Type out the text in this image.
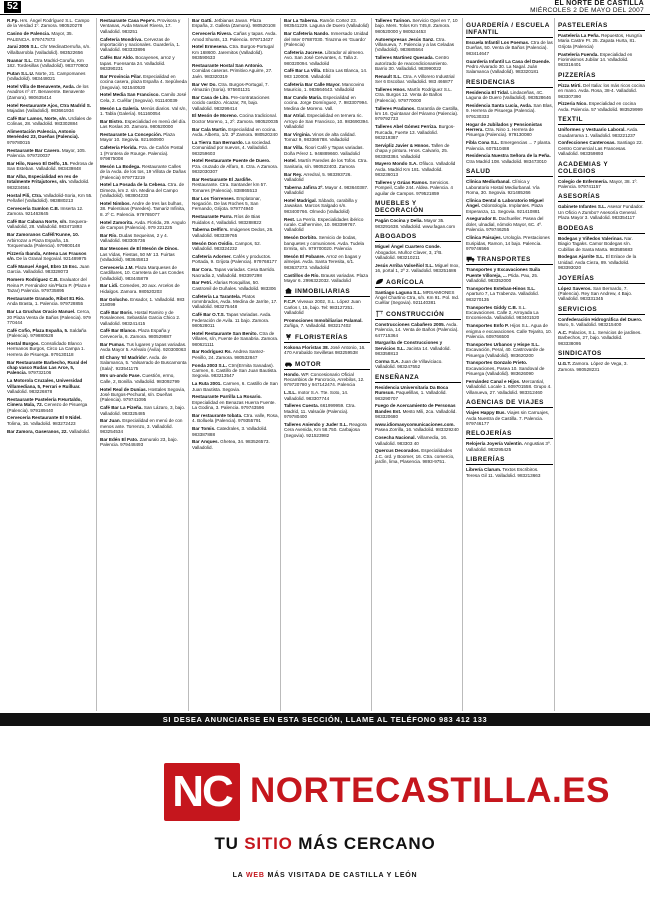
52	EL NORTE DE CASTILLA
MIÉRCOLES 2 DE MAYO DEL 2007
R.Pp. Hrs. Ángel Rodríguez S.L. Campo de la Verdad 1º. Zamora. 980520278
Casino de Palencia. Mayor, 35. PALENCIA. 979747873
Jarai 2005 S.L. Chr MedinaDerruña, s/n. Villalbarrobla (Valladolid). 983522656
Nuanar S.L. Ctra Madrid-Coruña, Km 182. Tordesillas (Valladolid). 983770902
Putan S.L.U. Norte, 21. Campomanes (Valladolid). 983448021
Hotel Villa de Benavente, Avda. de los Avadros nº 47. Benavente. Benavente (Zamora). 980635414
Hotel Restaurante Ajos, Ctra Madrid S. Majadas (Valladolid). 983661934
Café Bar Lamos, Norte, s/n. Urdiales de Colinas, 28. Valladolid. 983302884
Alimentación Palencia, Antonio Menéndez 23, Dueñas (Palencia). 979780015
Restaurante Bar Cavero. Mayor, 105. Palencia. 979720037
Bar Hilo, Nuevo El Delfo, 15. Pedrosa de San Esteban. Valladolid. 983439848
Bar Alba, Especialidad en rex de totalmente Fritajutores, s/n. Valladolid. 983234561
Hostal Pili, Ctra. Valladolid-Soria, Km 55. Peñafiel (Valladolid). 983880213
Cervecería Sumlon C.B. Imserta 12. Zamora. 921463645
Café Bar Cabana Norte, s/n. Sequera-Valladolid, 28. Valladolid. 983471893
Bar Zamoranos Caféß'Kunne, 10. Arbirrozar a Plaza España, 15. Torquemada (Palencia). 979800148
Pizzería Ibanda, Antena Las Frausos s/n. De la Granal Segovial. 921489975
Café Manuel Ángel, Ebro 15 Esc. Juan Garcia. Valladolid. 983328073
Romero Rodriguez C.B. Evaluator del Reina P. Fernández sin/Plaza P. (Plaza e Tazar) Palencia. 979735895
Restaurante Granado, Ribot 81 Rio. Anda Brasta, 1. Palencia. 979728855
Bar La Gruchas Oracio Manuel. Cerca, 20 Plaza Venta de Baños (Palencia). 979 770444
Café Cofio, Plaza España, 5. Saldaña (Palencia). 979880528
Hostal Burgos. Consolidado Blanco Hermanos Burgos, Circo La Campa 1. Herrera de Pisuerga. 979130118
Bar Restaurante Barbecho, Rural del chap vasco Rudas Las Arce, 5, Palencia. 979732106
La Motorola Cruzales, Universidad Villamediana, 5, Ferrari e Ruílluar. Valladolid. 983226878
Restaurante Pastelería P.Hurtaldo, Cimera Mala, 72. Cervezo de Pisuerga (Palencia). 979189440
Cervecería Restaurante El 9 Nidel. Tolima, 16. Valladolid. 983272423
Bar Zamora, Gaseranos, 22. Valladolid.
Restaurante Casa Pepe's. Provisora y Ventanas, Avda Manuel Rivera, 17. Valladolid. 983251
Cafetería Mondriva. Cervezas de importación y nacionales. Guardería, 1. Valladolid. 983333896
Cafés Bar Aldo. Bocayenes, arroz y tapas. Fuensanta 24. Valladolid. 983390231
Bar Provincia Pilar. Especialidad en cocina casera, plaza España 4. Sepúlveda (Segovia). 921540520
Hotel Media San Francisco. Camilo José Cela, 2. Cuéllar (Segovia). 911140039
Mesón La Galería. Menús diarios. Val s/n, 1. Tabla (Galería). 911160054
Bar Bistro. Especialidad en menú del día. Las Roslas 20. Zamora. 980520000
Restaurante La Concepción. Plaza Mayor 10. Segovia. 921460900
Cafetería Florida. Pza. de Cañón Postal 1 (Frontera de Rourge. Palencia). 979875008
Mesón La Bodega. Restaurante Calles de la Avda. de los tos, 19 Villota de Dañas (Palencia) 979773219
Hotel La Posada de la Cebesa. Ctra. de Dimeza, km 2. s/n. Medina del Campo (Valladolid). 983804233
Hotel Nimbos. Andre de tres las bulhas, 38. Palentinas (Paredes). Tamariz Infinita, 8. 2º C. Palencia. 979765077
Hotel Zamorita. Avda. Florida, 29. Angulo de Campos (Palencia). 979 221225
Bar Río. Dudas Sequeiras, 2 y 4. Valladolid. 983305736
Bar Mesones de El Mesón de Dinos. Las Vidas, Fiestas, 50 Mr 13. Fuirtas (Valladolid). 983645813
Cervecería J.M. Plaza Marqueses de Cardillares, 10. Carretera de Las Condes (Valladolid). 983445879
Bar Lidi. Comedes, 20 aux. Arcelos de Hidalgos. Zamora. 980520203
Bar Golucho. Ensador, 1. Valladolid. 983 218099
Café Bar Boris. Hostal Ramiro y de Rosaleones. Sebastián Garcia Chico 2. Valladolid. 983241415
Café Bar Blanco. Plaza España y Cervecería, 6. Zamora. 980529887
Bar Pumas. Tus lugares y tapas variadas. Avda Mayor 5. Arévalo (Ávila). 920300063
El Chany 'El Madrido'. Avda. de Salamanca, 5. 'Valsarrado de Buscamonta (Sala)'. 923541175
Mrs un-ando Pase. Cuestión, ermo, Calle, 2, Bonilla. Valladolid. 983092799
Hotel Real de Dunias. Hostales Segovia, José Burgos-Pechural, s/n. Dueñas (Palencia). 979741095
Café Bar La Pizeña. San Lázaro, 3, bajo. Valladolid. 983325485
Bar Juan. Especialidad en menú de con menos ante. Torrenzo, 3. Valladolid. 983254534
Bar Edén El Pato. Zamuralo 23, bajo. Palencia. 979448493
Bar Gatti. Jetbianas Javan. Plaza España, 2. Galleta (Zamora). 980520108
Cervecería Rivera. Cañas y tapas. Avda. Amod Shunts, 13. Palencia. 979713427
Hotel Ermesena. Ctra. Burgos-Portugal Km 168600. Jaremitos (Valladolid). 983590633
Restaurante Hostal San Antonio. Comidas caseras. Primitivo Aguirre, 27. Jaén. 983320319
Bar Ver Do. Ctra. Burgos-Portugal, 7. Almazán (Soria). 975601131
Bar Casa de Lito. Pre-contrataciones cocido castizo. Alcazar, 78, bajo. Valladolid. 983299414
El Mesón de Moreno. Cocina tradicional. Doctor Moreno, 1, 2º. Zamora. 980520035
Bar Cala Martin. Especialidad en cocina. Avda. Alberto, 1/2. 3ª Zamora. 980520240
La Tierra San Bernardo. La sociedad. Comunidad por nuevos, 4. Valladolid. 983259603
Hotel Restaurante Puente de Duero. Pza. cruzado de Alfaro, 8. Ctra. A Zamora. 9832030307
Bar Restaurante El Jardiñe. Restaurante. Ctra. Santander km 57. Tomares (Palencia). 838865513
Bar Los Tiorrenses. Emplatonar, Negación. De las Roches 5, San Fernando, Grijota. 979774940
Restaurante Parra. Ríos de Bias Ruidalos 4, Valladolid. 983288822
Taberna Delfín's. Imágenes Dedos, 26. Valladolid. 983339765
Mesón Don Ovidio. Campos, 52. Valladolid. 983324232
Cafetería Adorner. Cafés y productos. Portada, 9. Grijota (Palencia). 979768177
Bar Cora. Tapas variadas. Cesa Barrido. Nacradia 2, Valladolid. 983397298
Bar Petri. Afarias Rosquillas, 50. Castromil de Duñales. Valladolid. 983306
Cafetería La Tarantela. Platos rommbrados, Avda. Medina de Jarrite, 17. Valladolid. 983275448
Café Bar O.T.S. Tapas Variadas. Avda. Federación de Avila. 11 bajo. Zamora. 980528011
Hotel Restaurante San Benito. Ctra de Villares, s/n, Fuente de Sanabria. Zamora. 980621111
Bar Rodríguez Rs. Andrea Santez-Penillo, 24. Zamora. 980532847
Fonda 2003 S.L. Ctrn(Ermita Sanadas). Carmen, 6. Castillo de San Juan Bautista. Segovia. 983213547
La Ruta 2001. Carmen, 6. Castillo de San Juan Bautista. Segovia.
Restaurante Parrilla La Rosario. Especialidad en Benazas Huerra Fuente. La Godina, 3. Palencia. 979743596
Bar restaurante tobata. Ctra. valle, Rosa, 4. Bolluela (Palencia). 979355791
Bar Tomis. Catedrales, 3. Valladolid. 983387888
Bar Anques. Ghetea, 34. 983526573. Valladolid.
Bar La Taberna. Ramón Cortez 23. 983541229. Laguna de Duero (Valladolid)
Bar Cafetería Nando. Inmersado Unidad del Inter 07887030. Tirazma es 'Guardo' (Palencia)
Cafetería Jucrese. Librador al almeno. Avo. San José Cervantes, 4. Talla 2. 980320094. Valladolid
Café Bar La Villa. Ebiza Las Blanca, 14. 983 120008. Valladolid
Cafetería Bar Calle Mayor. Mancovino Mauricio, 1. 983664643. Valladolid
Bar Cundo María. Especialidad en cocina. Jorge Domínguez, 7. 983307994. Medina de Moreno. Vall.
Bar Atrial. Especialidad en ternera ric. Arroyo de San Francisco, 10. 983690394. Valladolid
Bar Virginia. Vinos de alta calidad. Tomaz 9, 983366788. Valladolid
Bar Villa. Ñoori Café y Tapas variadas. Doña Pérez 1. 946889660. Valladolid
Hotel. Martín Paredes de los Tofos. Ctra. Sanitaria, s/n. 980522403. Zamora
Bar Rey. Arredral, 5. 983393726. Valladolid
Taberna Jafirra 2º. Mayor 4. 983640387. Valladolid
Hotel Madrigal. Sábado, carabilla y Jawakan. Marcos Salgado s/n. 983400766. Olmedo (Valladolid)
Rest. La Perrio. Especialidades ibérico rurale. Calhermine, 10. 983399767. Valladolid
Mesón Dorbito. Servicio de bodas, banquetes y comuniones. Avda. Tudela Ermita, s/n. 979700020. Palencia
Mesón El Pobanre. Arroz en bagas y almejas. Avda. Santa Teresita, s/1. 983637273. Valladolid
Castillos de Río. Brauss variadas. Plaza Mayor 6. 2996322032. Valladolid
INMOBILIARIAS
F.C.P. Viveaux 2002, S.L. López Juan Carlos I, 15, bajo. Tel: 983127251. Valladolid
Promociones Inmobiliarias Palamal. Zuñiga, 7. Valladolid. 983217402
FLORISTERÍAS
Kokona Floristas 38. José Antonio, 16. 470 Arrabaldo Sevilletas 983259538
MOTOR
Hondo. WP. Concesionario Oficial Recambios de Pancrocio, Arrebilos, 12. 979720780 y 947142474. Palencia
L.S.L. motor S.A. Tte. Soto, 14. Valladolid. 983307744
Talleres Cuesta. 661999959. Ctra. Madrid, 11. Valsaúle (Palencia). 979780400
Talleres Aniendo y Juder S.L. Reagora Cera Avenida, Km 58.750. Carbajosa (Segovia). 921523982
Talleres Tarinon. Servicio Opel en 7, 10 bajo. Mers. Tolos Km 745,8. Zamora. 980520000 y 980524453
Autoempresas Jesús Sanz. Ctra. Villanueva, 7. Palencia y a las Celadas (Valladolid). 983685564
Talleres Martinez Quesada. Centro autorizado de reacondicionamiento. Barrio 30. Valladolid. 983990022
Renault S.L. Ctra. A Villorero Industrial Ser 6 Escobar. Valladolid. 983 466877
Talleres Hnos. Martín Rodriguez S.L. Ctra. Burgos 12. Venta de Baños (Palencia). 979770000
Talleres Pradanos. Garantía de Castilla, km 16. Quintanar del Páramo (Palencia). 979792733
Talleres Abel Gómez Ferriza. Burgos-Rurcada, Fuerte 13. Valladolid. 983219387
Servipliz Javier & Hnnos. Tallen de chapa y pintura. Hnos. Calvario, 25. 983383384. Valladolid
Mayero Mondo S.A. Ofiluco. Valladolid Avda. Madrid Km 181. Valladolid. 983236013
Talleres y Grúas Ramos. Servicios. Pompeil, Calle 244. Aldea. Palencia. 4 aguilar de Campos. 979521859
MUEBLES Y DECORACIÓN
Pagán Cocina y Delia. Mayor 35. 983291638. Valladolid. www.fagan.com
ABOGADOS
Miguel Ángel Cuartero Conde. Abogados. Muñoz Claver, 3, 1ºB. Valladolid. 983210211
Jesús Arriba Valseñiol S.L. Miguel Inox, 16, portal 1, 2º 2. Valladolid. 983251686
AGRÍCOLA
Santiago Laguna S.L. MRSAMIONES Ángel Chartino Ctra, s/n. Km 91. Pol. Ind. Cuéllar (Segovia). 921140381
CONSTRUCCIÓN
Construcciones Cabañero 2005. Avda. Palencia, 14. Venta de Baños (Palencia). 647715364
Margarita de Construcciones y Servicios S.L. Jacinta 14. Valladolid. 983358813
Corma S.A. Juan de Villaviciaco. Valladolid. 983247552
ENSEÑANZA
Residencia Universitaria Da Boca Rumsun. Paquelillas, 1. Valladolid. 983290707
Fuego de Acercamiento de Personas Bandes Est. Mesto Mili, 2ca. Valladolid. 983320680
www.idiomasycomunicaciones.com. Pasea Zorrilla, 16. Valladolid. 983329240
Cosecha Nacional. Villamedia, 16. Valladolid. 983303 40
Quercus Decorados. Especialidades J.C. ord. y Boomer, 16. Ctra. comercio, jardín, lima, Plasencia. 9893-9751.
GUARDERÍA / ESCUELA INFANTIL
Escuela Infantil Los Poemas. Ctra de las Dueñas, 50. Venta de Baños (Palencia). 983414647
Guardería Infantil La Casa del Duende. Pedro Alvarado 30. La Nagal. Juán Salamanca (Valladolid). 983320181
RESIDENCIAS
Residencia El Tidal. Lindaceñas, 4C. Laguna de Duero (Valladolid). 983528646
Residencia Santa Lucía, Avda. San Blas, 9. Herrera de Pisuerga (Palencia). 979130333
Hogar de Jubilados y Pensionistas Herrera. Ctra. Nino 1. Herrera de Pisuerga (Palencia). 979130080
Fibla Cona S.L. Emergencias ... 7 planta. Palencia. 607510488
Residencia Nuestra Señora de la Peña. Ctra Madrid 108. Valladolid. 983473010
SALUD
Clínica Mediurbanal. Clínica y Laboratorio Hostal Mediurbanal. Vía Roma, 30. Segovia. 921485266
Clínica Dental & Laboratorio Miguel Ángel. Odontología. Implantes. Plaza Esperanza, 11. Segovia. 921410881
Asegurador E. Dachueller. Pasea del doler, ulnadial, nómolo Mayor, 6C. 4º. Palencia. 979746255
Clínica Paisajes. Urología. Prestaciones Euripidas, Ramon, 14 bajo. Palencia. 979746566
TRANSPORTES
Transportes y Excavaciones Suila Puente Villoreja, ... Ptida. Pau, 25. Valladolid. 983352000
Transportes Esteban-Hinos S.L. Aparturo 7, La Trabenza. Valladolid. 983270135
Transportes Giddy C.B. S.L. Excavaciones. Calle 2, Arroyada La Encomienda. Valladolid. 983401520
Transportes Enfo P. Hijos S.L. Agua de enigma e excavaciones. Calle Tejarito, 10. Palencia. 609766500
Transportes Urbanos y Hispe S.L. Excavación, Peral, 40. Castrovarde de Pisuerga (Valladolid). 983620200
Transportes Gonzalo Prieto. Excavaciones, Pasea 10. Sandoval de Pisuerga (Valladolid). 983626090
Fernández Canal e Hijos. Mercantial, Valladolid. Locale 1. 609701558. Grupo 4. Villanueva, 27. Valladolid. 983312460
AGENCIAS DE VIAJES
Viajes Happy Bus. Viajes sin Carruajes, Avda Nuestra de Castilla. 7. Palencia. 979746177
RELOJERÍAS
Relojería Joyería Valentín. Angustias 3º. Valladolid. 983295425
LIBRERÍAS
Librería Clarum. Textos Escribiros. Teresa Gil 11. Valladolid. 983213663
PASTELERÍAS
Pastelería La Peña. Repuestos, Hungría Maria Castre Pr. 25. Zapata Hurta, 81. Grijota (Palencia)
Pastelería Fuenda. Especialidad en Fiorimisimos Jubilar 14. Valladolid. 983316401
PIZZERÍAS
Pizza Mirti. Del Italia: los más ricos cocina en mano. Avda. Rosa, 38-4. Valladolid. 983307390
Pizzeria Nico. Especialidad en cocina Avda. Palencia. 57 Valladolid. 983529999
TEXTIL
Uniformes y Vestuario Laboral. Avda. Guadarrama 1. Valladolid. 983221237
Confecciones Canterosas. Santiago 22. Centro Comercial Las Francesas. Valladolid. 983359893
ACADEMIAS Y COLEGIOS
Colegio de Enfermería. Mayor, 38. 1º. Palencia. 979741157
ASESORÍAS
Gabinete Infantes S.L. Asesor Fundador. Un Oficio A Zumbo? Asesoría General. Plaza Mayor 3. Valladolid. 983354117
BODEGAS
Bodegas y Viñedos Valerinas. Nar. Biagio Tagaks. Camor Bodegas s/n. Cubillas de Santa Marta. 983585683
Bodegas Ajarrite S.L. El Enlace de la Unidad. Avda Cieza, 89. Valladolid. 983393020
JOYERÍAS
López Saveros. San Bernardo, 7. (Palencia). Rey San Andrew, 4 Bajo. Valladolid. 983331345
SERVICIOS
Confederación Hidrográfica del Duero. Muro, 5. Valladolid. 983215400
A.C. Palacios, S.L. Servicios de jardines. Barbechos, 27, bajo. Valladolid. 983338095
SINDICATOS
U.G.T. Zamora. López de Vega, 3. Zamora. 980528231
SI DESEA ANUNCIARSE EN ESTA SECCIÓN, LLAME AL TELÉFONO 983 412 133
NC NORTECASTILLA.ES
TU SITIO MÁS CERCANO
LA WEB MÁS VISITADA DE CASTILLA Y LEÓN
